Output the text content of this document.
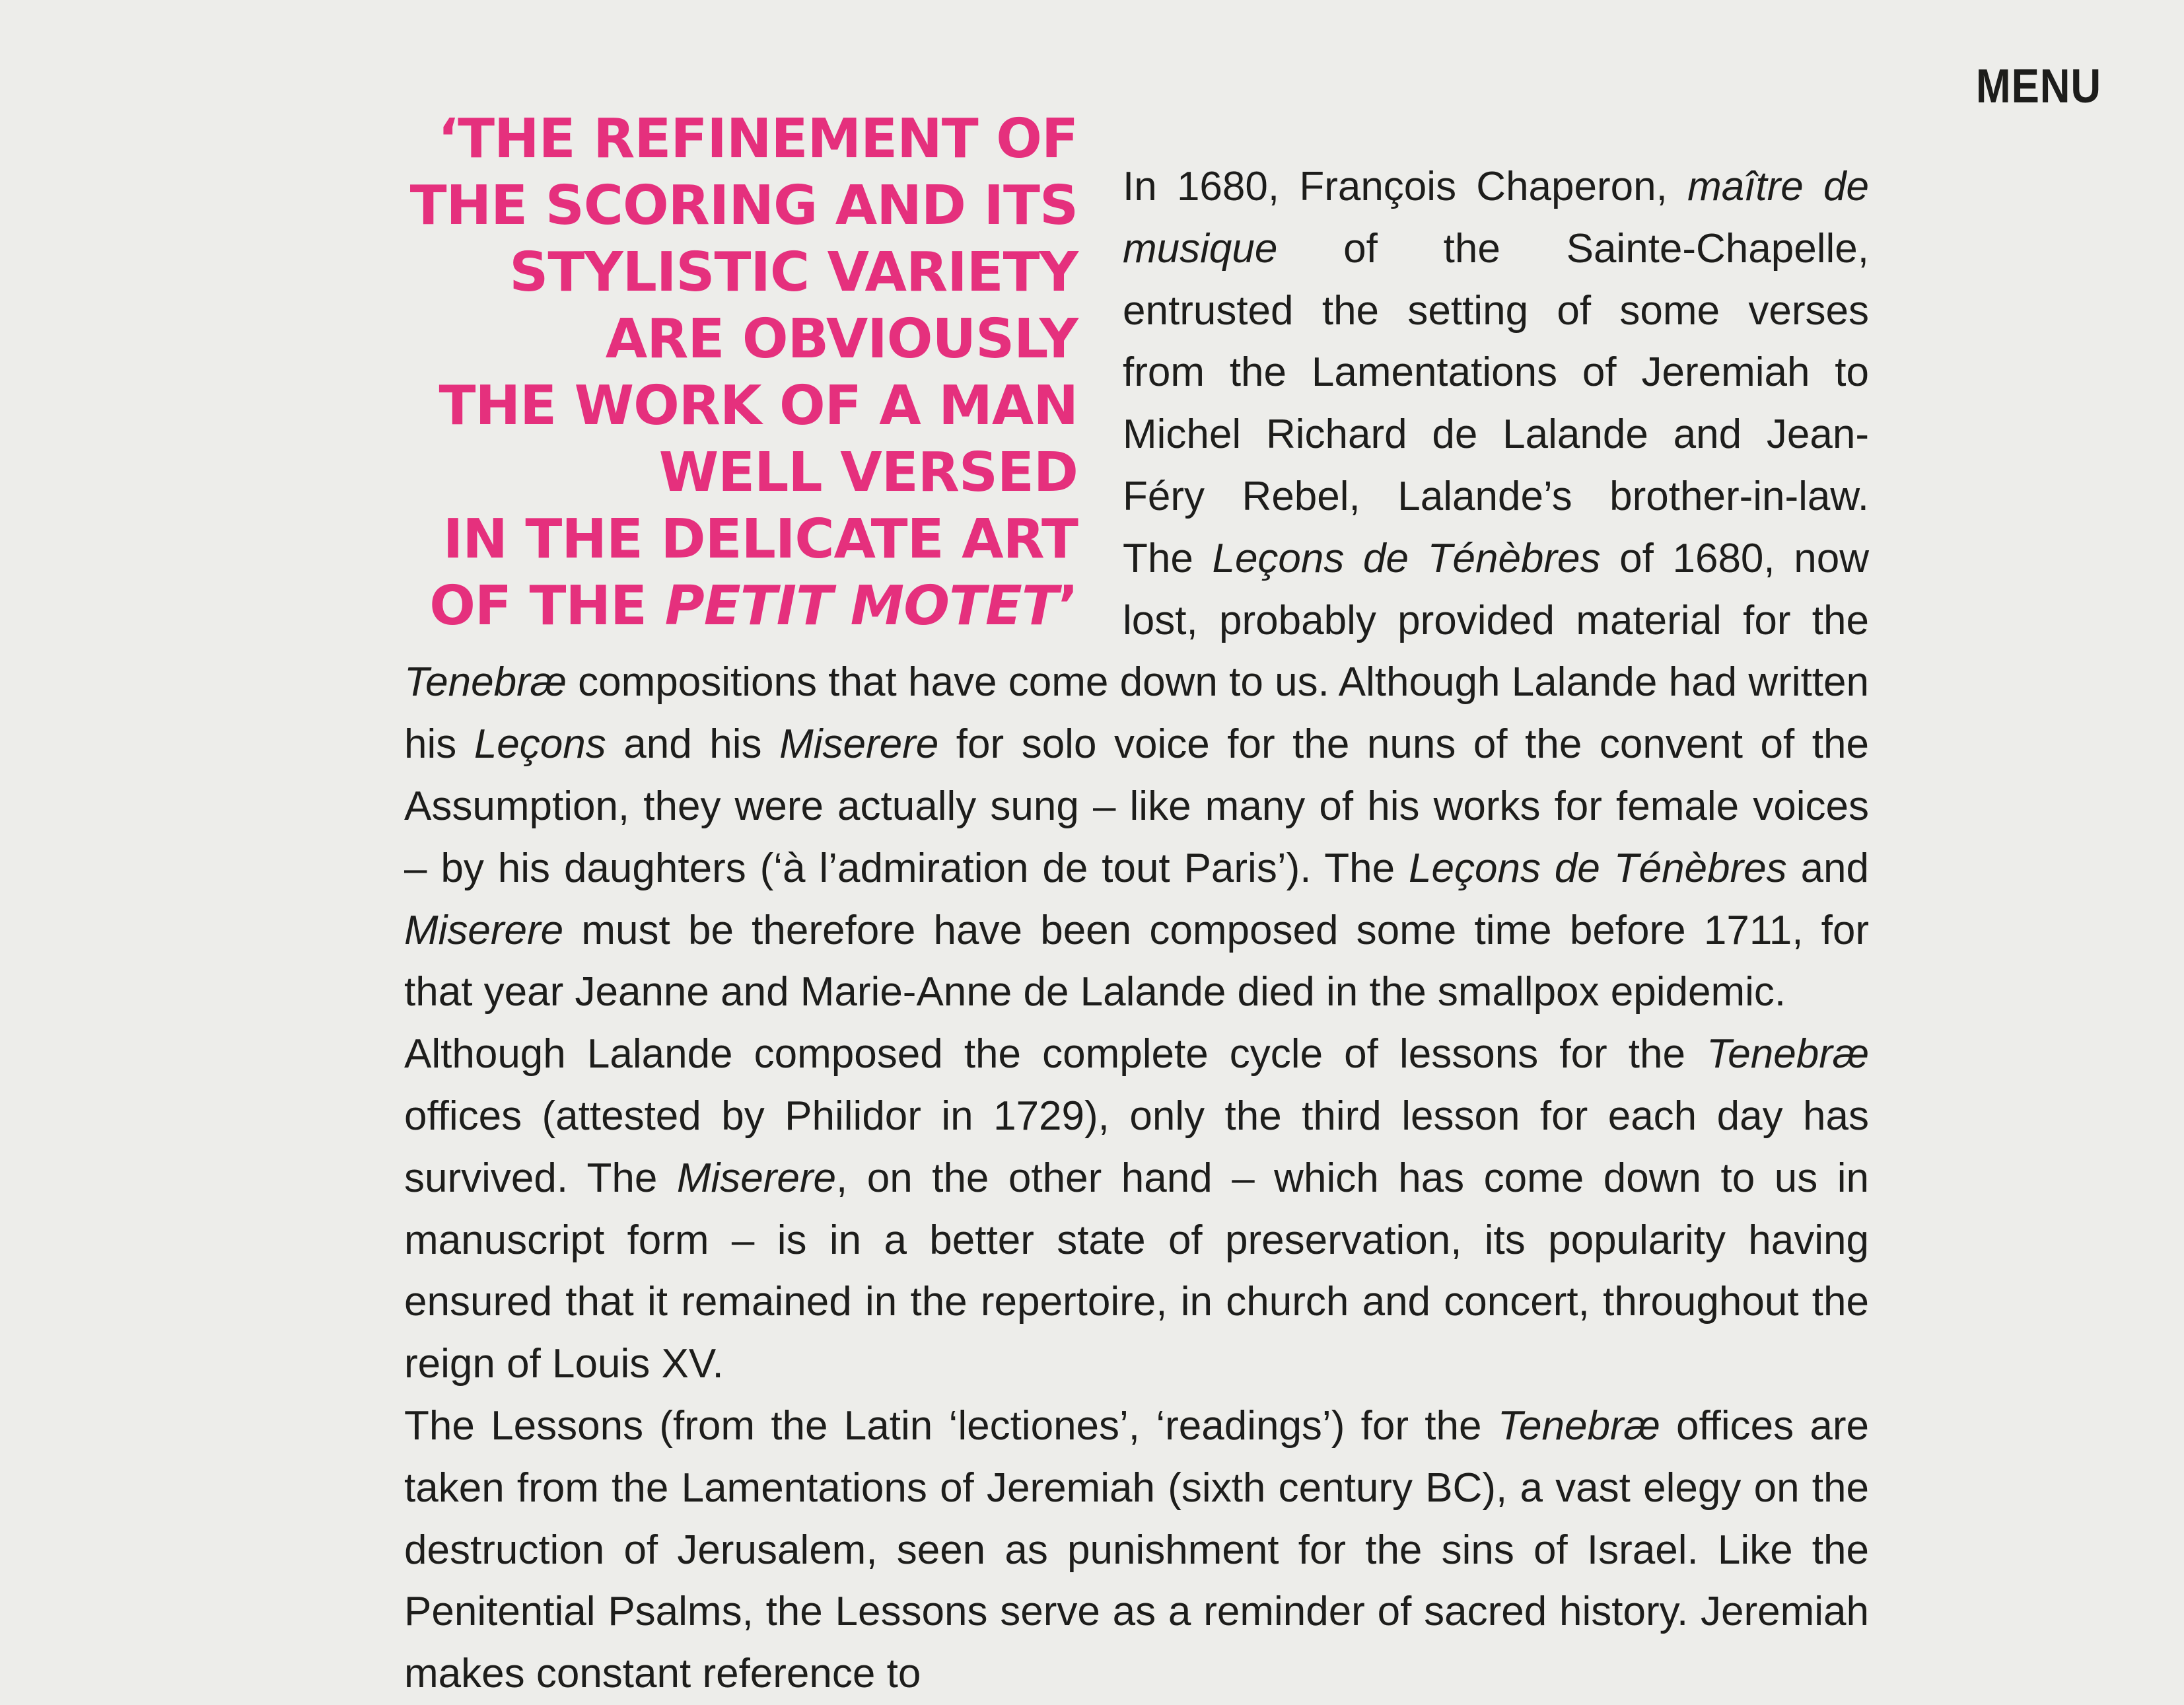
MENU
‘THE REFINEMENT OF
THE SCORING AND ITS
STYLISTIC VARIETY
ARE OBVIOUSLY
THE WORK OF A MAN
WELL VERSED
IN THE DELICATE ART
OF THE PETIT MOTET’

In 1680, François Chaperon, maître de musique of the Sainte-Chapelle, entrusted the setting of some verses from the Lamentations of Jeremiah to Michel Richard de Lalande and Jean-Féry Rebel, Lalande’s brother-in-law. The Leçons de Ténèbres of 1680, now lost, probably provided material for the Tenebræ compositions that have come down to us. Although Lalande had written his Leçons and his Miserere for solo voice for the nuns of the convent of the Assumption, they were actually sung – like many of his works for female voices – by his daughters (‘à l’admiration de tout Paris’). The Leçons de Ténèbres and Miserere must be therefore have been composed some time before 1711, for that year Jeanne and Marie-Anne de Lalande died in the smallpox epidemic.

Although Lalande composed the complete cycle of lessons for the Tenebræ offices (attested by Philidor in 1729), only the third lesson for each day has survived. The Miserere, on the other hand – which has come down to us in manuscript form – is in a better state of preservation, its popularity having ensured that it remained in the repertoire, in church and concert, throughout the reign of Louis XV.

The Lessons (from the Latin ‘lectiones’, ‘readings’) for the Tenebræ offices are taken from the Lamentations of Jeremiah (sixth century BC), a vast elegy on the destruction of Jerusalem, seen as punishment for the sins of Israel. Like the Penitential Psalms, the Lessons serve as a reminder of sacred history. Jeremiah makes constant reference to
